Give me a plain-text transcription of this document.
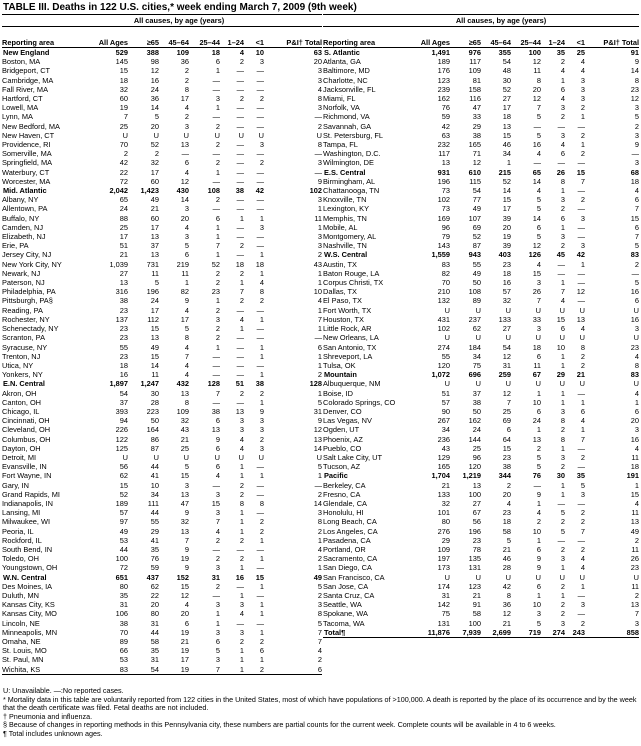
TABLE III. Deaths in 122 U.S. cities,* week ending March 7, 2009 (9th week)
	All causes, by age (years)						
Reporting area	All Ages	≥65	45–64	25–44	1–24	<1	P&I† Total
New England	529	388	109	18	4	10	63
Boston, MA	145	98	36	6	2	3	20
Bridgeport, CT	15	12	2	1	—	—	3
Cambridge, MA	18	16	2	—	—	—	3
Fall River, MA	32	24	8	—	—	—	4
Hartford, CT	60	36	17	3	2	2	8
Lowell, MA	19	14	4	1	—	—	3
Lynn, MA	7	5	2	—	—	—	—
New Bedford, MA	25	20	3	2	—	—	2
New Haven, CT	U	U	U	U	U	U	U
Providence, RI	70	52	13	2	—	3	8
Somerville, MA	2	2	—	—	—	—	—
Springfield, MA	42	32	6	2	—	2	3
Waterbury, CT	22	17	4	1	—	—	—
Worcester, MA	72	60	12	—	—	—	9
Mid. Atlantic	2,042	1,423	430	108	38	42	102
Albany, NY	65	49	14	2	—	—	3
Allentown, PA	24	21	3	—	—	—	1
Buffalo, NY	88	60	20	6	1	1	11
Camden, NJ	25	17	4	1	—	3	1
Elizabeth, NJ	17	13	3	1	—	—	3
Erie, PA	51	37	5	7	2	—	3
Jersey City, NJ	21	13	6	1	—	1	2
New York City, NY	1,039	731	219	52	18	18	43
Newark, NJ	27	11	11	2	2	1	1
Paterson, NJ	13	5	1	2	1	4	1
Philadelphia, PA	316	196	82	23	7	8	10
Pittsburgh, PA§	38	24	9	1	2	2	4
Reading, PA	23	17	4	2	—	—	1
Rochester, NY	137	112	17	3	4	1	7
Schenectady, NY	23	15	5	2	1	—	1
Scranton, PA	23	13	8	2	—	—	—
Syracuse, NY	55	49	4	1	—	1	6
Trenton, NJ	23	15	7	—	—	1	1
Utica, NY	18	14	4	—	—	—	1
Yonkers, NY	16	11	4	—	—	1	2
E.N. Central	1,897	1,247	432	128	51	38	128
Akron, OH	54	30	13	7	2	2	1
Canton, OH	37	28	8	—	—	1	5
Chicago, IL	393	223	109	38	13	9	31
Cincinnati, OH	94	50	32	6	3	3	9
Cleveland, OH	226	164	43	13	3	3	12
Columbus, OH	122	86	21	9	4	2	13
Dayton, OH	125	87	25	6	4	3	14
Detroit, MI	U	U	U	U	U	U	U
Evansville, IN	56	44	5	6	1	—	5
Fort Wayne, IN	62	41	15	4	1	1	1
Gary, IN	15	10	3	—	2	—	—
Grand Rapids, MI	52	34	13	3	2	—	2
Indianapolis, IN	189	111	47	15	8	8	14
Lansing, MI	57	44	9	3	1	—	3
Milwaukee, WI	97	55	32	7	1	2	8
Peoria, IL	49	29	13	4	1	2	2
Rockford, IL	53	41	7	2	2	1	1
South Bend, IN	44	35	9	—	—	—	4
Toledo, OH	100	76	19	2	2	1	2
Youngstown, OH	72	59	9	3	1	—	1
W.N. Central	651	437	152	31	16	15	49
Des Moines, IA	80	62	15	2	—	1	5
Duluth, MN	35	22	12	—	1	—	2
Kansas City, KS	31	20	4	3	3	1	3
Kansas City, MO	106	80	20	1	4	1	8
Lincoln, NE	38	31	6	1	—	—	5
Minneapolis, MN	70	44	19	3	3	1	7
Omaha, NE	89	58	21	6	2	2	7
St. Louis, MO	66	35	19	5	1	6	4
St. Paul, MN	53	31	17	3	1	1	2
Wichita, KS	83	54	19	7	1	2	6
	All causes, by age (years)						
Reporting area	All Ages	≥65	45–64	25–44	1–24	<1	P&I† Total
S. Atlantic	1,491	976	355	100	35	25	91
Atlanta, GA	189	117	54	12	2	4	9
Baltimore, MD	176	109	48	11	4	4	14
Charlotte, NC	123	81	30	8	1	3	8
Jacksonville, FL	239	158	52	20	6	3	23
Miami, FL	162	116	27	12	4	3	12
Norfolk, VA	76	47	17	7	3	2	3
Richmond, VA	59	33	18	5	2	1	5
Savannah, GA	42	29	13	—	—	—	2
St. Petersburg, FL	63	38	15	5	3	2	3
Tampa, FL	232	165	46	16	4	1	9
Washington, D.C.	117	71	34	4	6	2	—
Wilmington, DE	13	12	1	—	—	—	3
E.S. Central	931	610	215	65	26	15	68
Birmingham, AL	196	115	52	14	8	7	18
Chattanooga, TN	73	54	14	4	1	—	4
Knoxville, TN	102	77	15	5	3	2	6
Lexington, KY	73	49	17	5	2	—	7
Memphis, TN	169	107	39	14	6	3	15
Mobile, AL	96	69	20	6	1	—	6
Montgomery, AL	79	52	19	5	3	—	7
Nashville, TN	143	87	39	12	2	3	5
W.S. Central	1,559	943	403	126	45	42	83
Austin, TX	83	55	23	4	—	1	2
Baton Rouge, LA	82	49	18	15	—	—	—
Corpus Christi, TX	70	50	16	3	1	—	5
Dallas, TX	210	108	57	26	7	12	16
El Paso, TX	132	89	32	7	4	—	6
Fort Worth, TX	U	U	U	U	U	U	U
Houston, TX	431	237	133	33	15	13	16
Little Rock, AR	102	62	27	3	6	4	3
New Orleans, LA	U	U	U	U	U	U	U
San Antonio, TX	274	184	54	18	10	8	23
Shreveport, LA	55	34	12	6	1	2	4
Tulsa, OK	120	75	31	11	1	2	8
Mountain	1,072	696	259	67	29	21	83
Albuquerque, NM	U	U	U	U	U	U	U
Boise, ID	51	37	12	1	1	—	4
Colorado Springs, CO	57	38	7	10	1	1	1
Denver, CO	90	50	25	6	3	6	6
Las Vegas, NV	267	162	69	24	8	4	20
Ogden, UT	34	24	6	1	2	1	3
Phoenix, AZ	236	144	64	13	8	7	16
Pueblo, CO	43	25	15	2	1	—	4
Salt Lake City, UT	129	96	23	5	3	2	11
Tucson, AZ	165	120	38	5	2	—	18
Pacific	1,704	1,219	344	76	30	35	191
Berkeley, CA	21	13	2	—	1	5	1
Fresno, CA	133	100	20	9	1	3	15
Glendale, CA	32	27	4	1	—	—	4
Honolulu, HI	101	67	23	4	5	2	11
Long Beach, CA	80	56	18	2	2	2	13
Los Angeles, CA	276	196	58	10	5	7	49
Pasadena, CA	29	23	5	1	—	—	2
Portland, OR	109	78	21	6	2	2	11
Sacramento, CA	197	135	46	9	3	4	26
San Diego, CA	173	131	28	9	1	4	23
San Francisco, CA	U	U	U	U	U	U	U
San Jose, CA	174	123	42	6	2	1	11
Santa Cruz, CA	31	21	8	1	1	—	2
Seattle, WA	142	91	36	10	2	3	13
Spokane, WA	75	58	12	3	2	—	7
Tacoma, WA	131	100	21	5	3	2	3
Total¶	11,876	7,939	2,699	719	274	243	858

U: Unavailable. —:No reported cases.

* Mortality data in this table are voluntarily reported from 122 cities in the United States, most of which have populations of >100,000. A death is reported by the place of its occurrence and by the week that the death certificate was filed. Fetal deaths are not included.

† Pneumonia and influenza.

§ Because of changes in reporting methods in this Pennsylvania city, these numbers are partial counts for the current week. Complete counts will be available in 4 to 6 weeks.

¶ Total includes unknown ages.
